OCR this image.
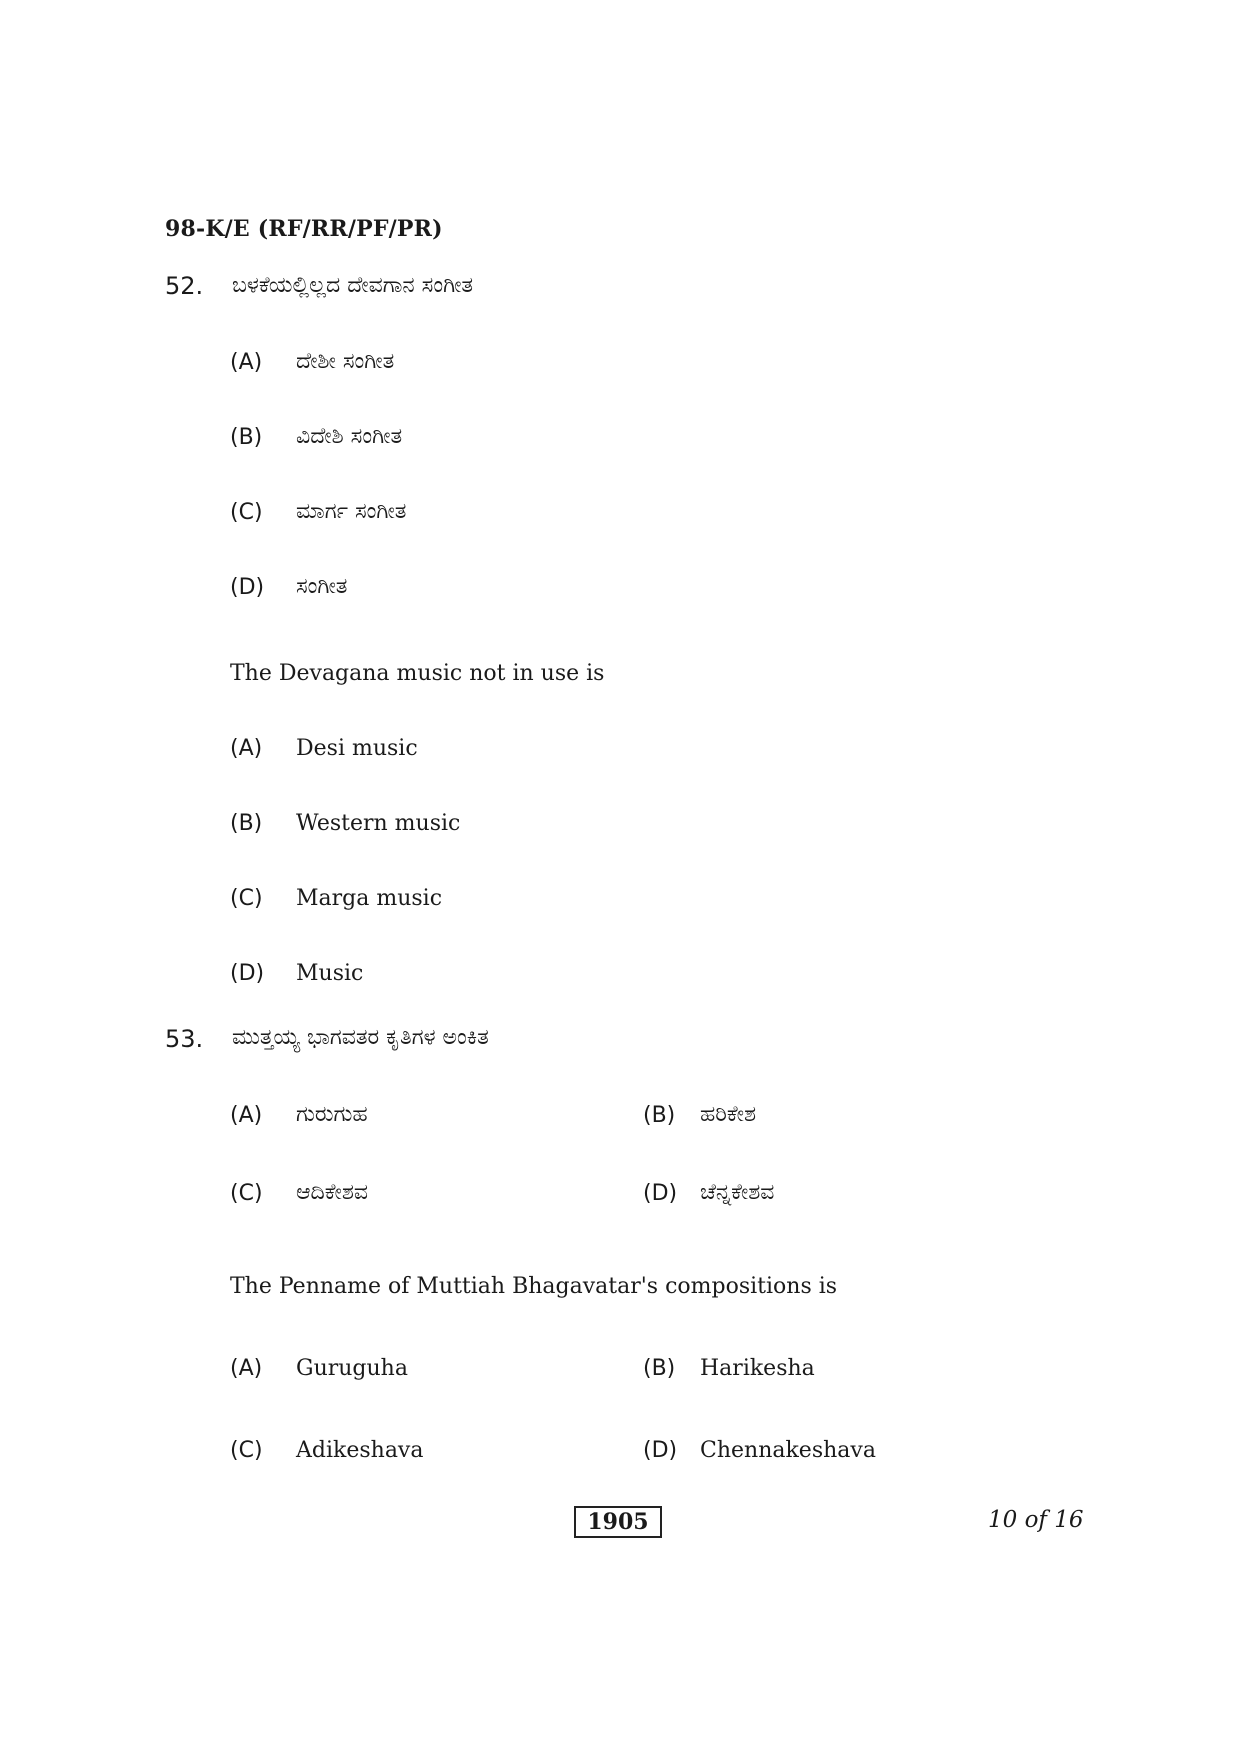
98-K/E (RF/RR/PF/PR)
52. ಬಳಕೆಯಲ್ಲಿಲ್ಲದ ದೇವಗಾನ ಸಂಗೀತ
(A) ದೇಶೀ ಸಂಗೀತ
(B) ವಿದೇಶಿ ಸಂಗೀತ
(C) ಮಾರ್ಗ ಸಂಗೀತ
(D) ಸಂಗೀತ
The Devagana music not in use is
(A) Desi music
(B) Western music
(C) Marga music
(D) Music
53. ಮುತ್ತಯ್ಯ ಭಾಗವತರ ಕೃತಿಗಳ ಅಂಕಿತ
(A) ಗುರುಗುಹ	(B) ಹರಿಕೇಶ
(C) ಆದಿಕೇಶವ	(D) ಚೆನ್ನಕೇಶವ
The Penname of Muttiah Bhagavatar's compositions is
(A) Guruguha	(B) Harikesha
(C) Adikeshava	(D) Chennakeshava
1905	10 of 16
